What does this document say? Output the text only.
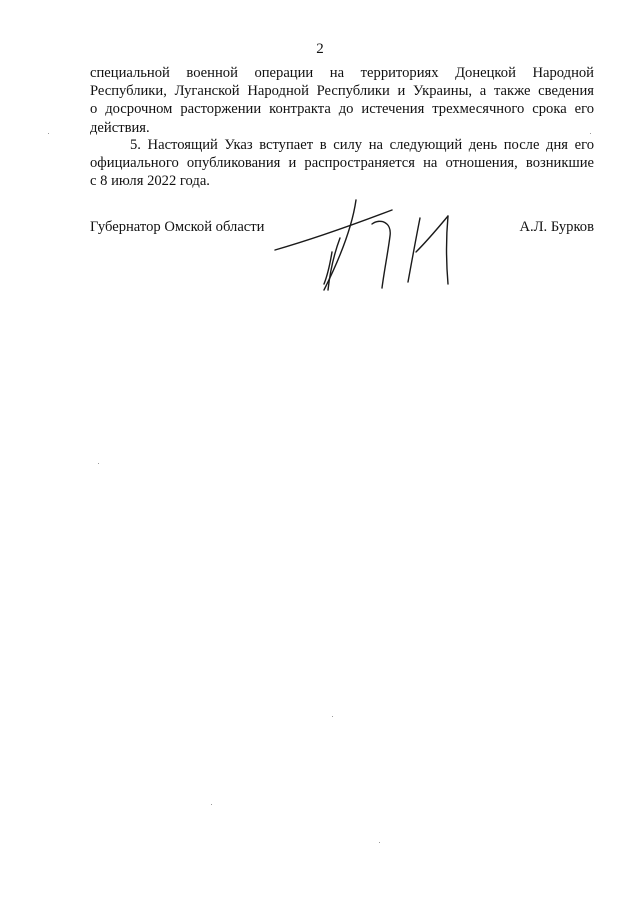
2
специальной военной операции на территориях Донецкой Народной
Республики, Луганской Народной Республики и Украины, а также сведения
о досрочном расторжении контракта до истечения трехмесячного срока его
действия.
5. Настоящий Указ вступает в силу на следующий день после дня его
официального опубликования и распространяется на отношения, возникшие
с 8 июля 2022 года.
Губернатор Омской области	А.Л. Бурков
